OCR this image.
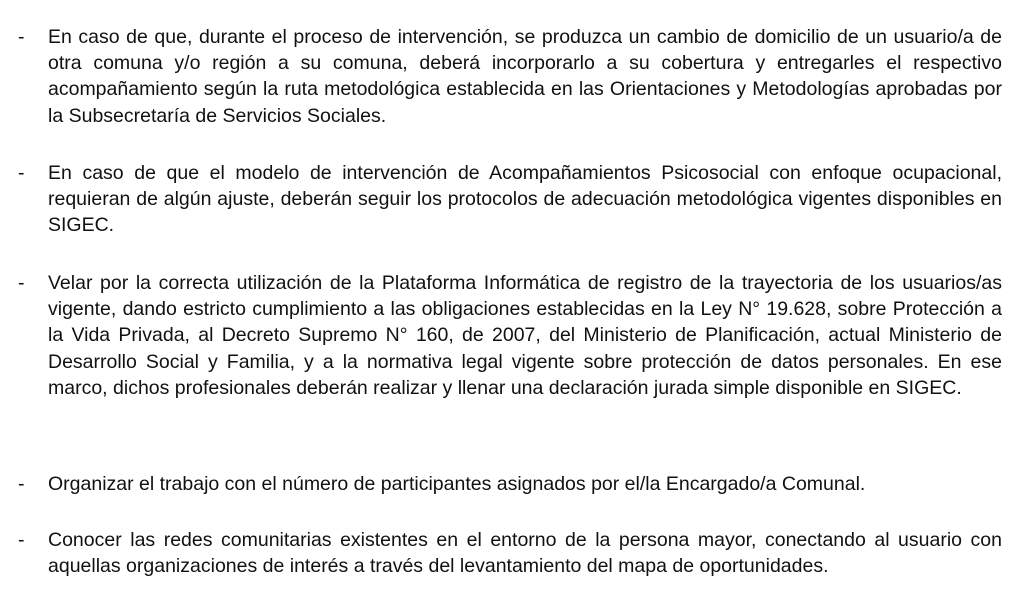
- En caso de que, durante el proceso de intervención, se produzca un cambio de domicilio de un usuario/a de otra comuna y/o región a su comuna, deberá incorporarlo a su cobertura y entregarles el respectivo acompañamiento según la ruta metodológica establecida en las Orientaciones y Metodologías aprobadas por la Subsecretaría de Servicios Sociales.

- En caso de que el modelo de intervención de Acompañamientos Psicosocial con enfoque ocupacional, requieran de algún ajuste, deberán seguir los protocolos de adecuación metodológica vigentes disponibles en SIGEC.

- Velar por la correcta utilización de la Plataforma Informática de registro de la trayectoria de los usuarios/as vigente, dando estricto cumplimiento a las obligaciones establecidas en la Ley N° 19.628, sobre Protección a la Vida Privada, al Decreto Supremo N° 160, de 2007, del Ministerio de Planificación, actual Ministerio de Desarrollo Social y Familia, y a la normativa legal vigente sobre protección de datos personales. En ese marco, dichos profesionales deberán realizar y llenar una declaración jurada simple disponible en SIGEC.

- Organizar el trabajo con el número de participantes asignados por el/la Encargado/a Comunal.

- Conocer las redes comunitarias existentes en el entorno de la persona mayor, conectando al usuario con aquellas organizaciones de interés a través del levantamiento del mapa de oportunidades.
